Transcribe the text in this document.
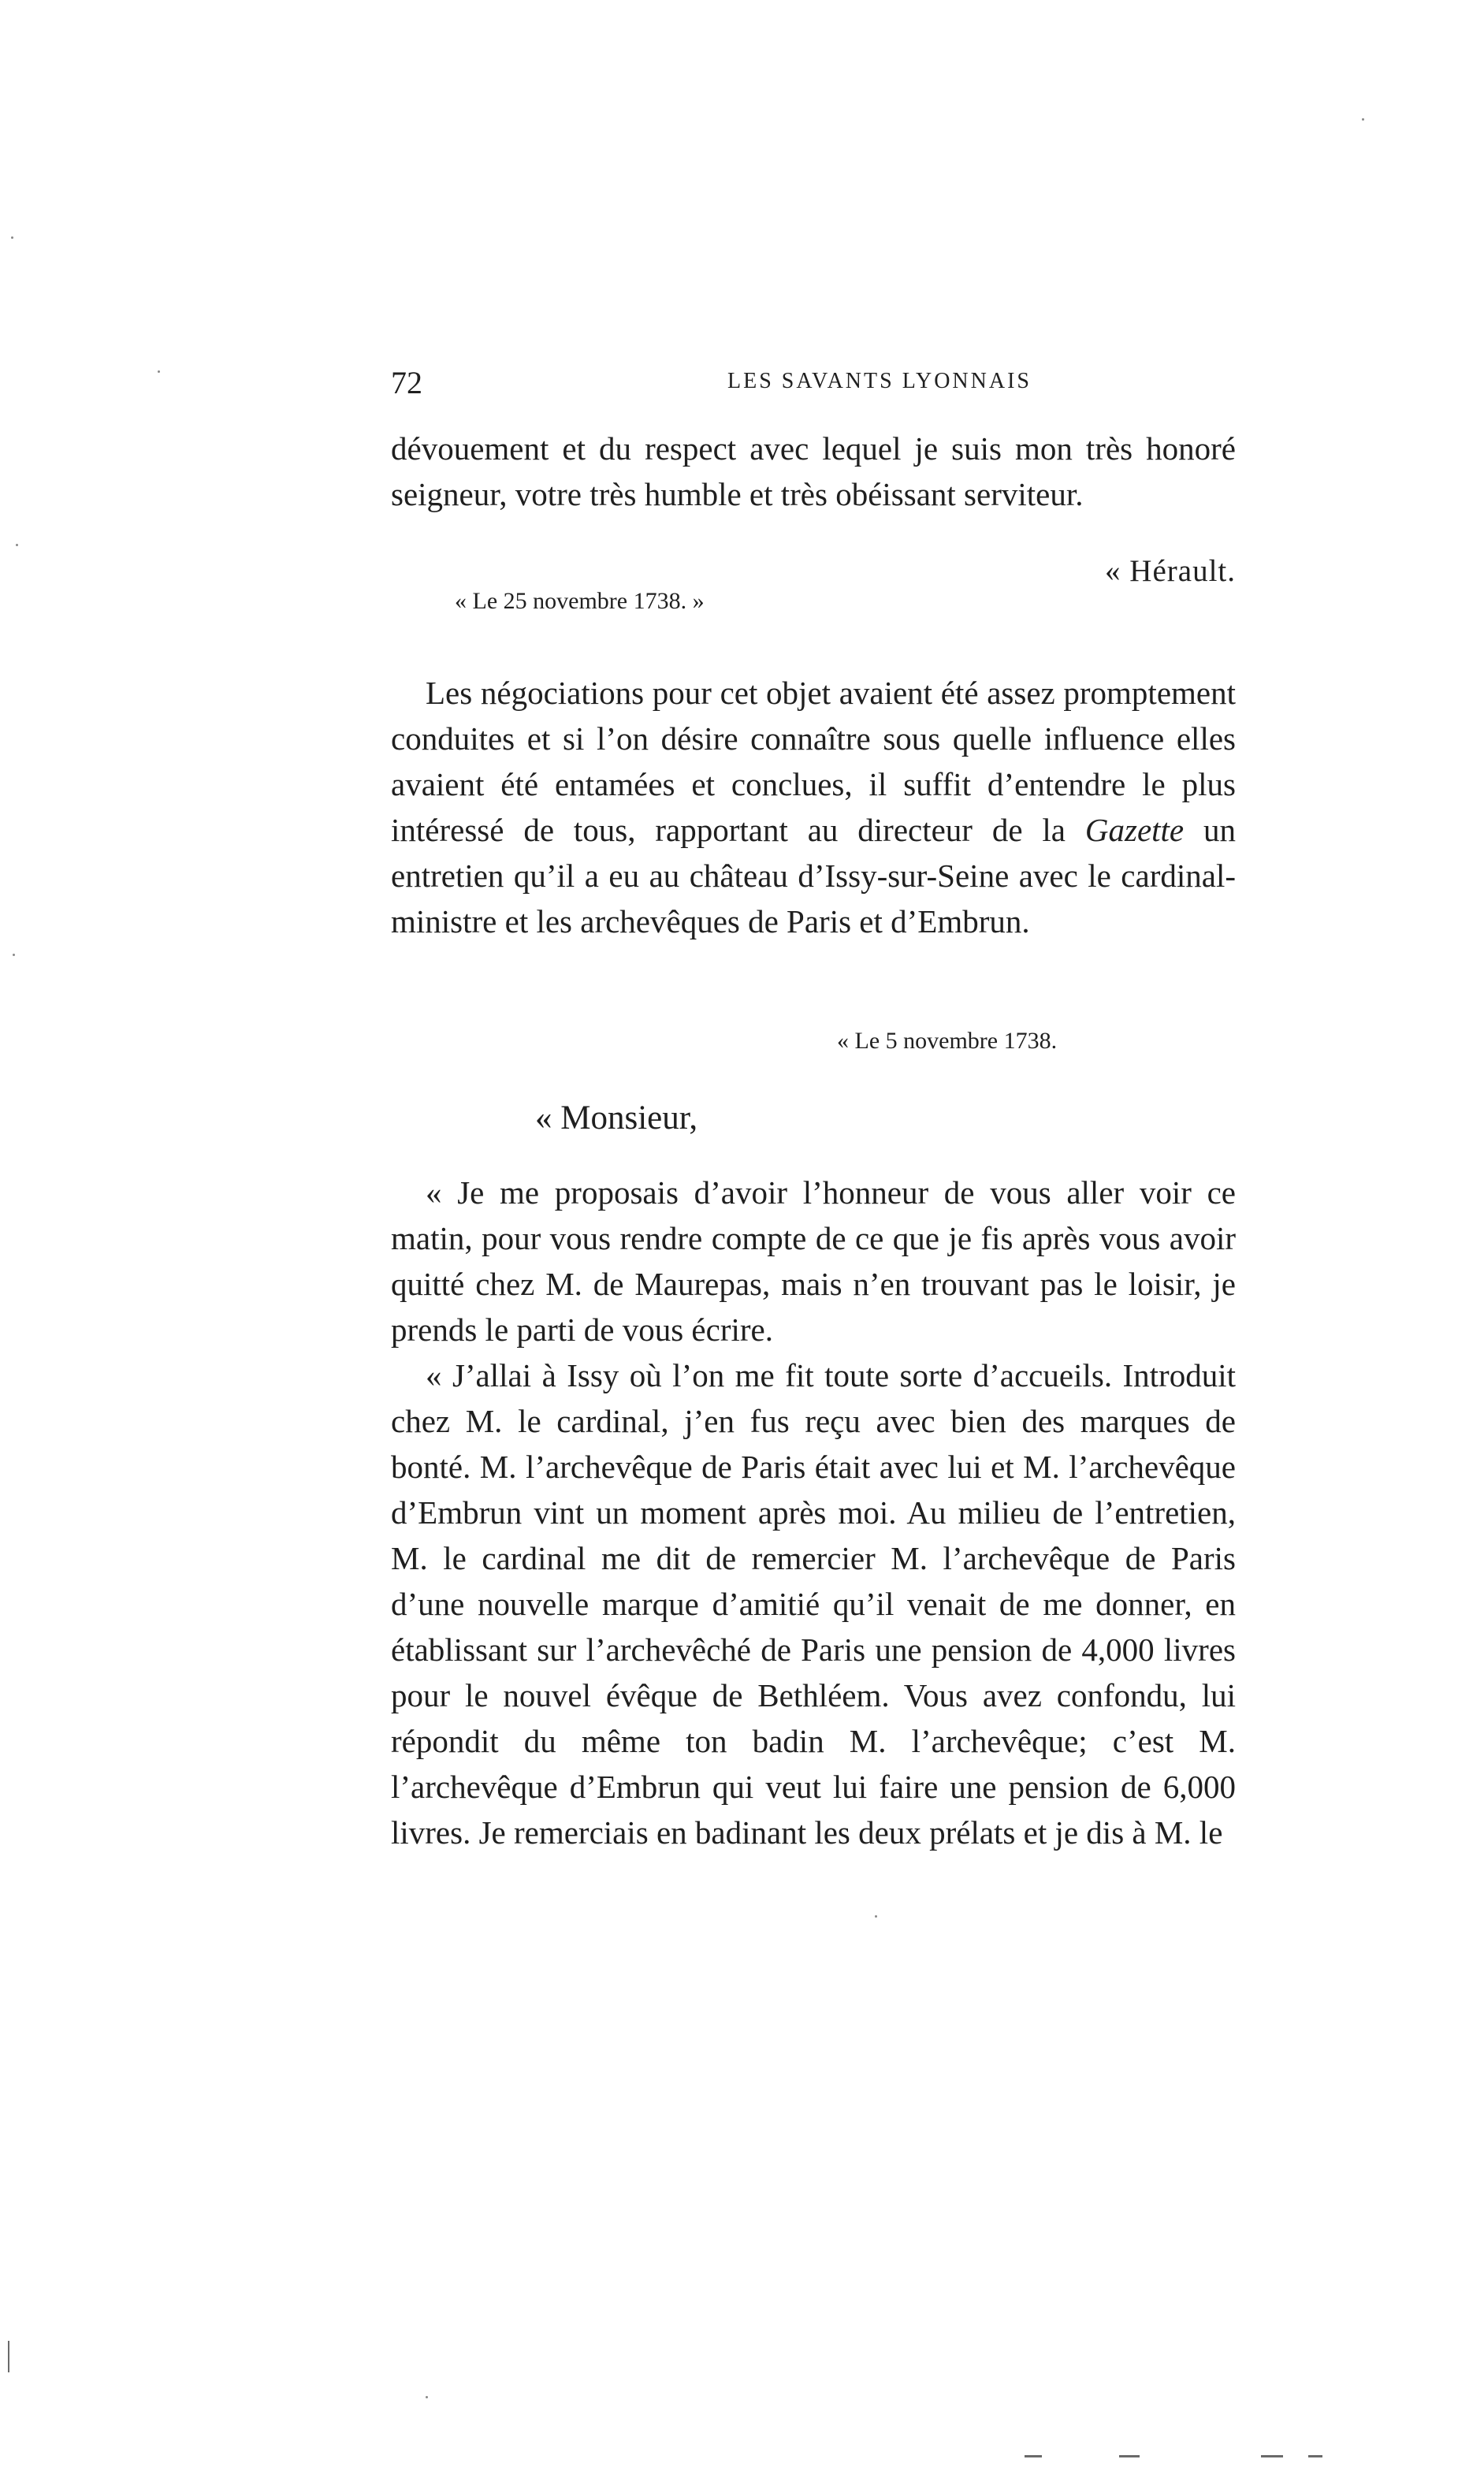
72	LES SAVANTS LYONNAIS

dévouement et du respect avec lequel je suis mon très honoré seigneur, votre très humble et très obéissant serviteur.

« Hérault.
« Le 25 novembre 1738. »

Les négociations pour cet objet avaient été assez promptement conduites et si l’on désire connaître sous quelle influence elles avaient été entamées et conclues, il suffit d’entendre le plus intéressé de tous, rapportant au directeur de la Gazette un entretien qu’il a eu au château d’Issy-sur-Seine avec le cardinal-ministre et les archevêques de Paris et d’Embrun.

« Le 5 novembre 1738.
« Monsieur,

« Je me proposais d’avoir l’honneur de vous aller voir ce matin, pour vous rendre compte de ce que je fis après vous avoir quitté chez M. de Maurepas, mais n’en trouvant pas le loisir, je prends le parti de vous écrire.

« J’allai à Issy où l’on me fit toute sorte d’accueils. Introduit chez M. le cardinal, j’en fus reçu avec bien des marques de bonté. M. l’archevêque de Paris était avec lui et M. l’archevêque d’Embrun vint un moment après moi. Au milieu de l’entretien, M. le cardinal me dit de remercier M. l’archevêque de Paris d’une nouvelle marque d’amitié qu’il venait de me donner, en établissant sur l’archevêché de Paris une pension de 4,000 livres pour le nouvel évêque de Bethléem. Vous avez confondu, lui répondit du même ton badin M. l’archevêque; c’est M. l’archevêque d’Embrun qui veut lui faire une pension de 6,000 livres. Je remerciais en badinant les deux prélats et je dis à M. le
